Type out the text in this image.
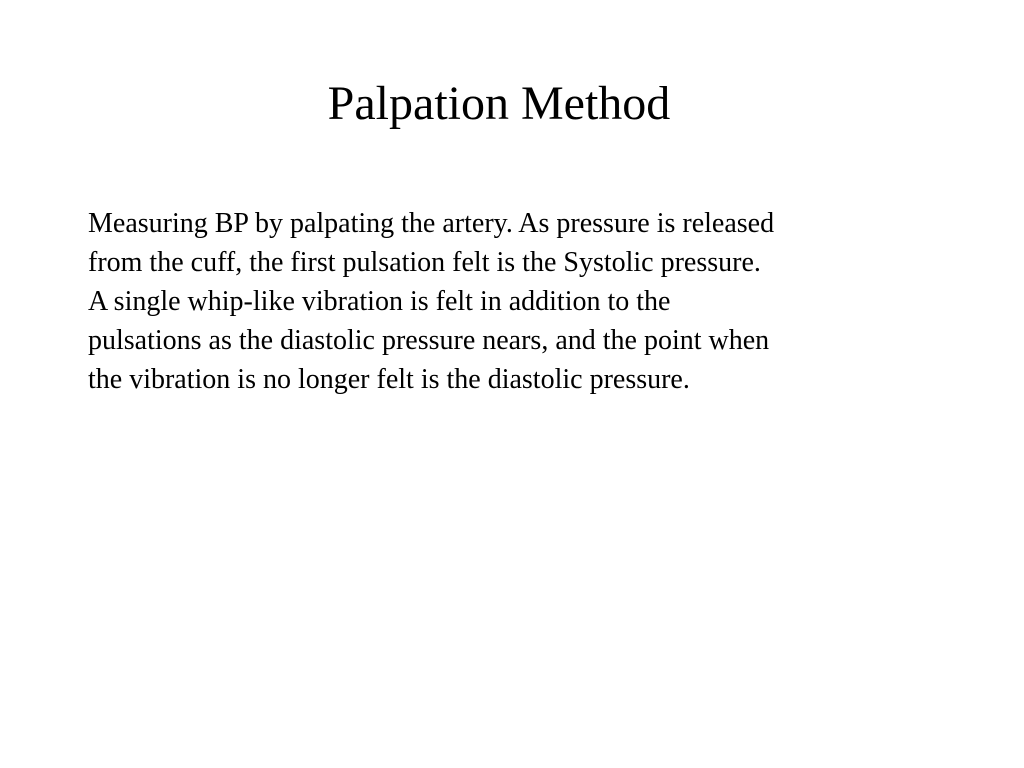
Palpation Method
Measuring BP by palpating the artery. As pressure is released
from the cuff, the first pulsation felt is the Systolic pressure.
A single whip-like vibration is felt in addition to the
pulsations as the diastolic pressure nears, and the point when
the vibration is no longer felt is the diastolic pressure.
